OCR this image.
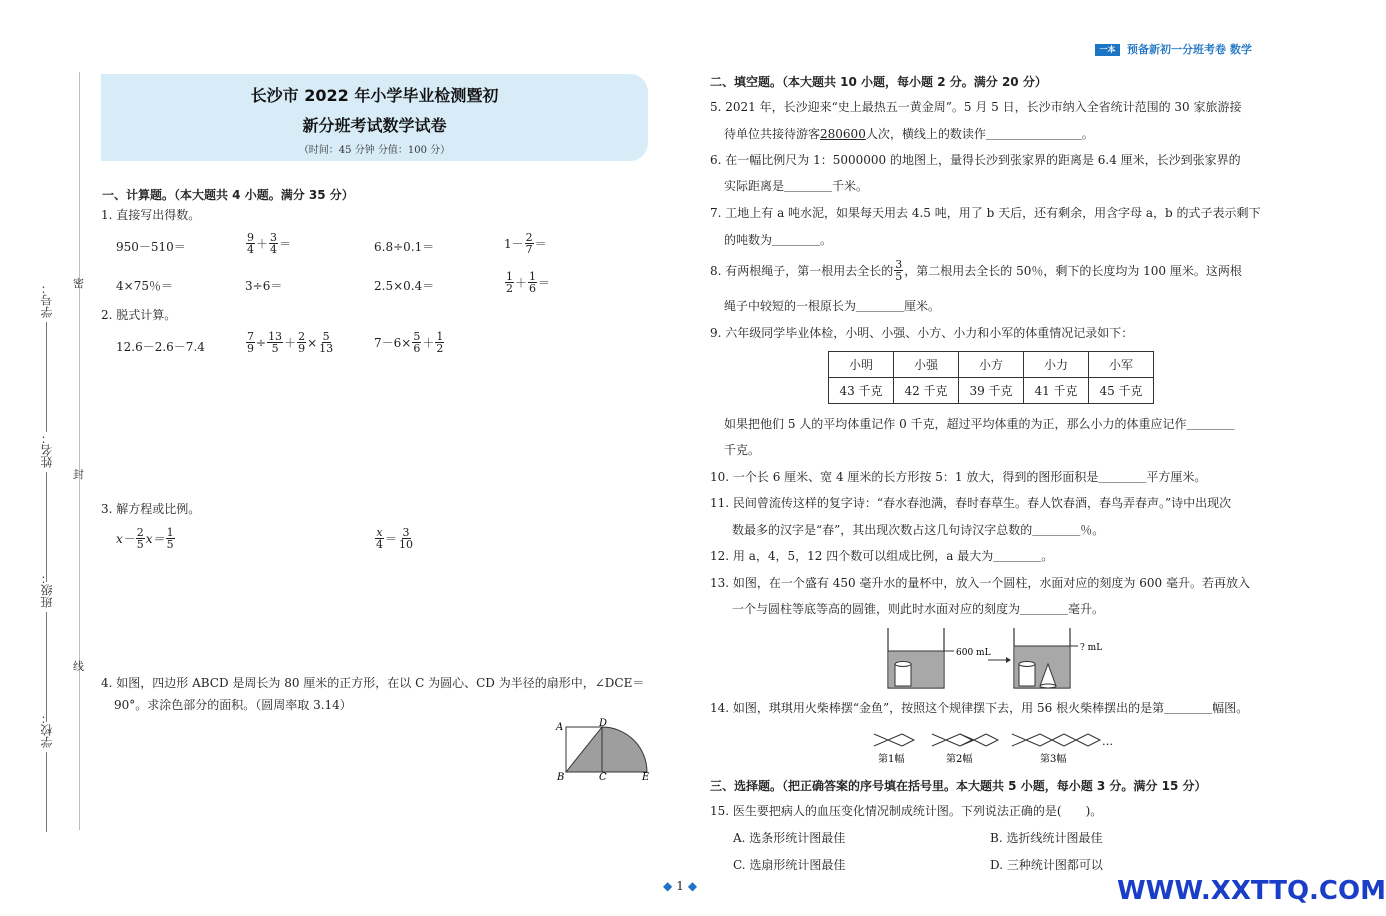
一本	预备新初一分班考卷 数学
密
封
线
学号：
姓名：
班级：
学校：
长沙市 2022 年小学毕业检测暨初
新分班考试数学试卷
（时间：45 分钟 分值：100 分）
一、计算题。（本大题共 4 小题。满分 35 分）
1. 直接写出得数。
950－510＝	$\frac{9}{4} + \frac{3}{4}$ ＝	6.8÷0.1＝	$1- \frac{2}{7}$ ＝
4×75％＝	3÷6＝	2.5×0.4＝	$\frac{1}{2} + \frac{1}{6}$ ＝
2. 脱式计算。
12.6－2.6－7.4	$\frac{7}{9} \div \frac{13}{5} + \frac{2}{9} \times \frac{5}{13}$	$7-6\times \frac{5}{6} + \frac{1}{2}$
3. 解方程或比例。
$x- \frac{2}{5} x= \frac{1}{5}$	$\frac{x}{4} = \frac{3}{10}$
4. 如图，四边形 ABCD 是周长为 80 厘米的正方形，在以 C 为圆心、CD 为半径的扇形中，∠DCE＝
90°。求涂色部分的面积。（圆周率取 3.14）
A	D
B	C	E
二、填空题。（本大题共 10 小题，每小题 2 分。满分 20 分）
5. 2021 年，长沙迎来“史上最热五一黄金周”。5 月 5 日，长沙市纳入全省统计范围的 30 家旅游接
待单位共接待游客280600人次，横线上的数读作＿＿＿＿＿＿＿＿。
6. 在一幅比例尺为 1：5000000 的地图上，量得长沙到张家界的距离是 6.4 厘米，长沙到张家界的
实际距离是＿＿＿＿千米。
7. 工地上有 a 吨水泥，如果每天用去 4.5 吨，用了 b 天后，还有剩余，用含字母 a，b 的式子表示剩下
的吨数为＿＿＿＿。
8. 有两根绳子，第一根用去全长的 $\frac{3}{5}$ ，第二根用去全长的 50％，剩下的长度均为 100 厘米。这两根
绳子中较短的一根原长为＿＿＿＿厘米。
9. 六年级同学毕业体检，小明、小强、小方、小力和小军的体重情况记录如下：
小明	小强	小方	小力	小军
43 千克	42 千克	39 千克	41 千克	45 千克
如果把他们 5 人的平均体重记作 0 千克，超过平均体重的为正，那么小力的体重应记作＿＿＿＿
千克。
10. 一个长 6 厘米、宽 4 厘米的长方形按 5：1 放大，得到的图形面积是＿＿＿＿平方厘米。
11. 民间曾流传这样的复字诗：“春水春池满，春时春草生。春人饮春酒，春鸟弄春声。”诗中出现次
数最多的汉字是“春”，其出现次数占这几句诗汉字总数的＿＿＿＿％。
12. 用 a，4，5，12 四个数可以组成比例，a 最大为＿＿＿＿。
13. 如图，在一个盛有 450 毫升水的量杯中，放入一个圆柱，水面对应的刻度为 600 毫升。若再放入
一个与圆柱等底等高的圆锥，则此时水面对应的刻度为＿＿＿＿毫升。
600 mL	? mL
14. 如图，琪琪用火柴棒摆“金鱼”，按照这个规律摆下去，用 56 根火柴棒摆出的是第＿＿＿＿幅图。
…
第1幅	第2幅	第3幅
三、选择题。（把正确答案的序号填在括号里。本大题共 5 小题，每小题 3 分。满分 15 分）
15. 医生要把病人的血压变化情况制成统计图。下列说法正确的是(　　)。
A. 选条形统计图最佳	B. 选折线统计图最佳
C. 选扇形统计图最佳	D. 三种统计图都可以
◆ 1 ◆	WWW.XXTTQ.COM
